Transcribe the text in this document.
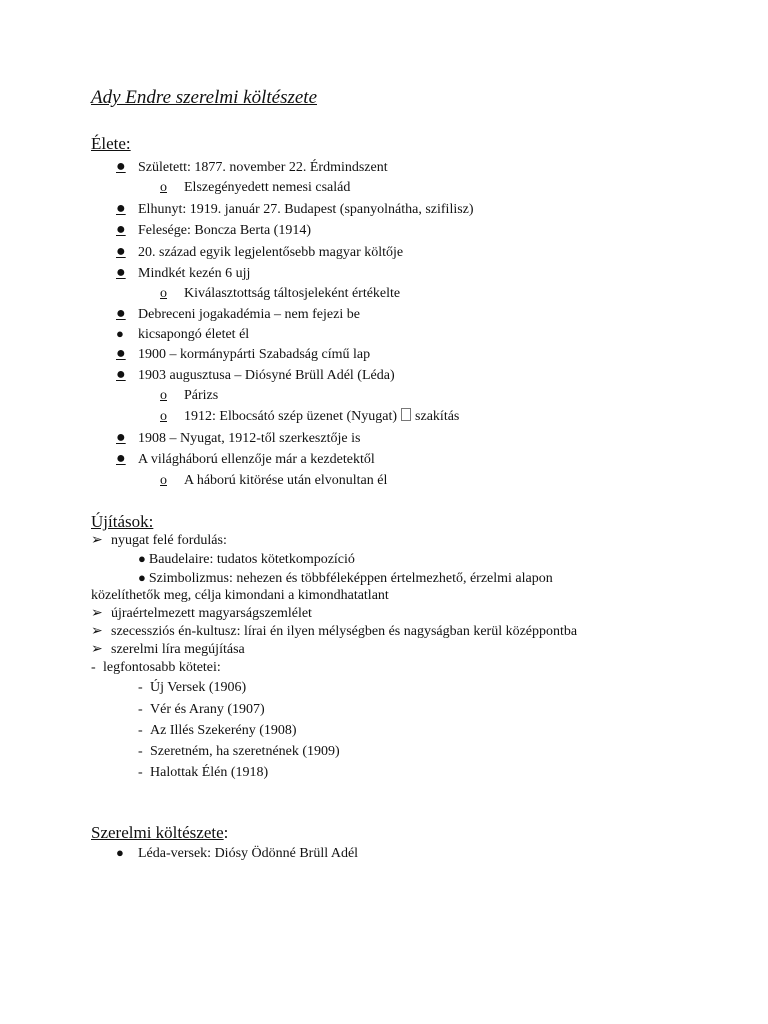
Ady Endre szerelmi költészete
Élete:
● Született: 1877. november 22. Érdmindszent
o Elszegényedett nemesi család
● Elhunyt: 1919. január 27. Budapest (spanyolnátha, szifilisz)
● Felesége: Boncza Berta (1914)
● 20. század egyik legjelentősebb magyar költője
● Mindkét kezén 6 ujj
o Kiválasztottság táltosjeleként értékelte
● Debreceni jogakadémia – nem fejezi be
● kicsapongó életet él
● 1900 – kormánypárti Szabadság című lap
● 1903 augusztusa – Diósyné Brüll Adél (Léda)
o Párizs
o 1912: Elbocsátó szép üzenet (Nyugat) szakítás
● 1908 – Nyugat, 1912-től szerkesztője is
● A világháború ellenzője már a kezdetektől
o A háború kitörése után elvonultan él
Újítások:
➢ nyugat felé fordulás:
● Baudelaire: tudatos kötetkompozíció
● Szimbolizmus: nehezen és többféleképpen értelmezhető, érzelmi alapon
közelíthetők meg, célja kimondani a kimondhatatlant
➢ újraértelmezett magyarságszemlélet
➢ szecessziós én-kultusz: lírai én ilyen mélységben és nagyságban kerül középpontba
➢ szerelmi líra megújítása
- legfontosabb kötetei:
- Új Versek (1906)
- Vér és Arany (1907)
- Az Illés Szekerény (1908)
- Szeretném, ha szeretnének (1909)
- Halottak Élén (1918)
Szerelmi költészete:
● Léda-versek: Diósy Ödönné Brüll Adél
